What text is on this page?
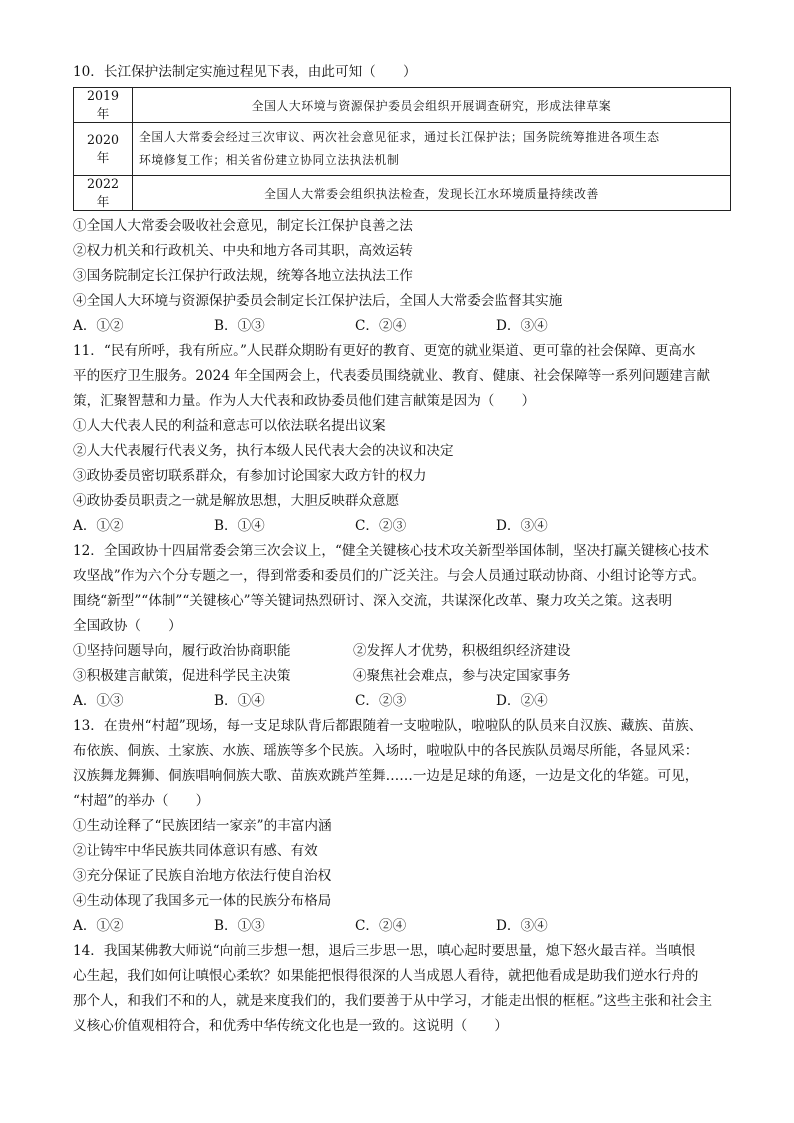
10．长江保护法制定实施过程见下表，由此可知（　　）
2019 年	全国人大环境与资源保护委员会组织开展调查研究，形成法律草案
2020 年	全国人大常委会经过三次审议、两次社会意见征求，通过长江保护法；国务院统筹推进各项生态
环境修复工作；相关省份建立协同立法执法机制

2022 年	全国人大常委会组织执法检查，发现长江水环境质量持续改善
①全国人大常委会吸收社会意见，制定长江保护良善之法
②权力机关和行政机关、中央和地方各司其职，高效运转
③国务院制定长江保护行政法规，统筹各地立法执法工作
④全国人大环境与资源保护委员会制定长江保护法后，全国人大常委会监督其实施
A．①②	B．①③	C．②④	D．③④
11．“民有所呼，我有所应。”人民群众期盼有更好的教育、更宽的就业渠道、更可靠的社会保障、更高水
平的医疗卫生服务。2024 年全国两会上，代表委员围绕就业、教育、健康、社会保障等一系列问题建言献
策，汇聚智慧和力量。作为人大代表和政协委员他们建言献策是因为（　　）
①人大代表人民的利益和意志可以依法联名提出议案
②人大代表履行代表义务，执行本级人民代表大会的决议和决定
③政协委员密切联系群众，有参加讨论国家大政方针的权力
④政协委员职责之一就是解放思想，大胆反映群众意愿
A．①②	B．①④	C．②③	D．③④
12．全国政协十四届常委会第三次会议上，“健全关键核心技术攻关新型举国体制，坚决打赢关键核心技术
攻坚战”作为六个分专题之一，得到常委和委员们的广泛关注。与会人员通过联动协商、小组讨论等方式。
围绕“新型”“体制”“关键核心”等关键词热烈研讨、深入交流，共谋深化改革、聚力攻关之策。这表明
全国政协（　　）
①坚持问题导向，履行政治协商职能	②发挥人才优势，积极组织经济建设
③积极建言献策，促进科学民主决策	④聚焦社会难点，参与决定国家事务
A．①③	B．①④	C．②③	D．②④
13．在贵州“村超”现场，每一支足球队背后都跟随着一支啦啦队，啦啦队的队员来自汉族、藏族、苗族、
布依族、侗族、土家族、水族、瑶族等多个民族。入场时，啦啦队中的各民族队员竭尽所能，各显风采：
汉族舞龙舞狮、侗族唱响侗族大歌、苗族欢跳芦笙舞……一边是足球的角逐，一边是文化的华筵。可见，
“村超”的举办（　　）
①生动诠释了“民族团结一家亲”的丰富内涵
②让铸牢中华民族共同体意识有感、有效
③充分保证了民族自治地方依法行使自治权
④生动体现了我国多元一体的民族分布格局
A．①②	B．①③	C．②④	D．③④
14．我国某佛教大师说“向前三步想一想，退后三步思一思，嗔心起时要思量，熄下怒火最吉祥。当嗔恨
心生起，我们如何让嗔恨心柔软？如果能把恨得很深的人当成恩人看待，就把他看成是助我们逆水行舟的
那个人，和我们不和的人，就是来度我们的，我们要善于从中学习，才能走出恨的框框。”这些主张和社会主
义核心价值观相符合，和优秀中华传统文化也是一致的。这说明（　　）
